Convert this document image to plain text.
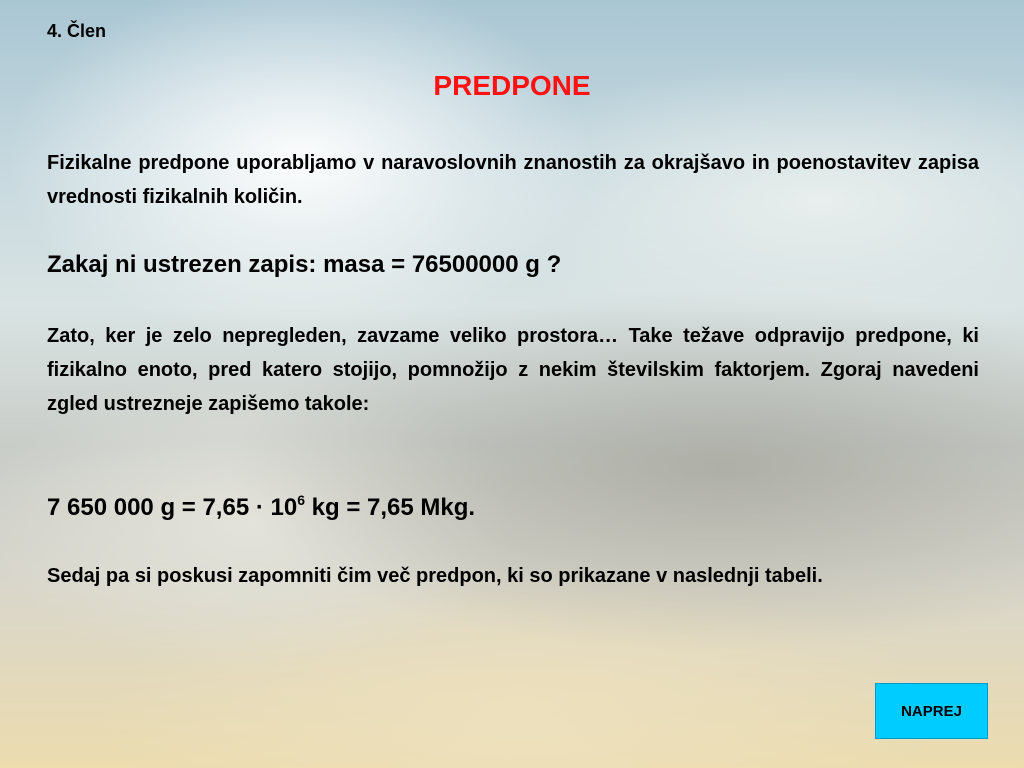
4. Člen
PREDPONE
Fizikalne predpone uporabljamo v naravoslovnih znanostih za okrajšavo in poenostavitev zapisa vrednosti fizikalnih količin.
Zakaj ni ustrezen zapis: masa = 76500000 g ?
Zato, ker je zelo nepregleden, zavzame veliko prostora… Take težave odpravijo predpone, ki fizikalno enoto, pred katero stojijo, pomnožijo z nekim številskim faktorjem. Zgoraj navedeni zgled ustrezneje zapišemo takole:
7 650 000 $g = 7,65 \cdot 10^6$ kg = 7,65 Mkg.
Sedaj pa si poskusi zapomniti čim več predpon, ki so prikazane v naslednji tabeli.
NAPREJ
